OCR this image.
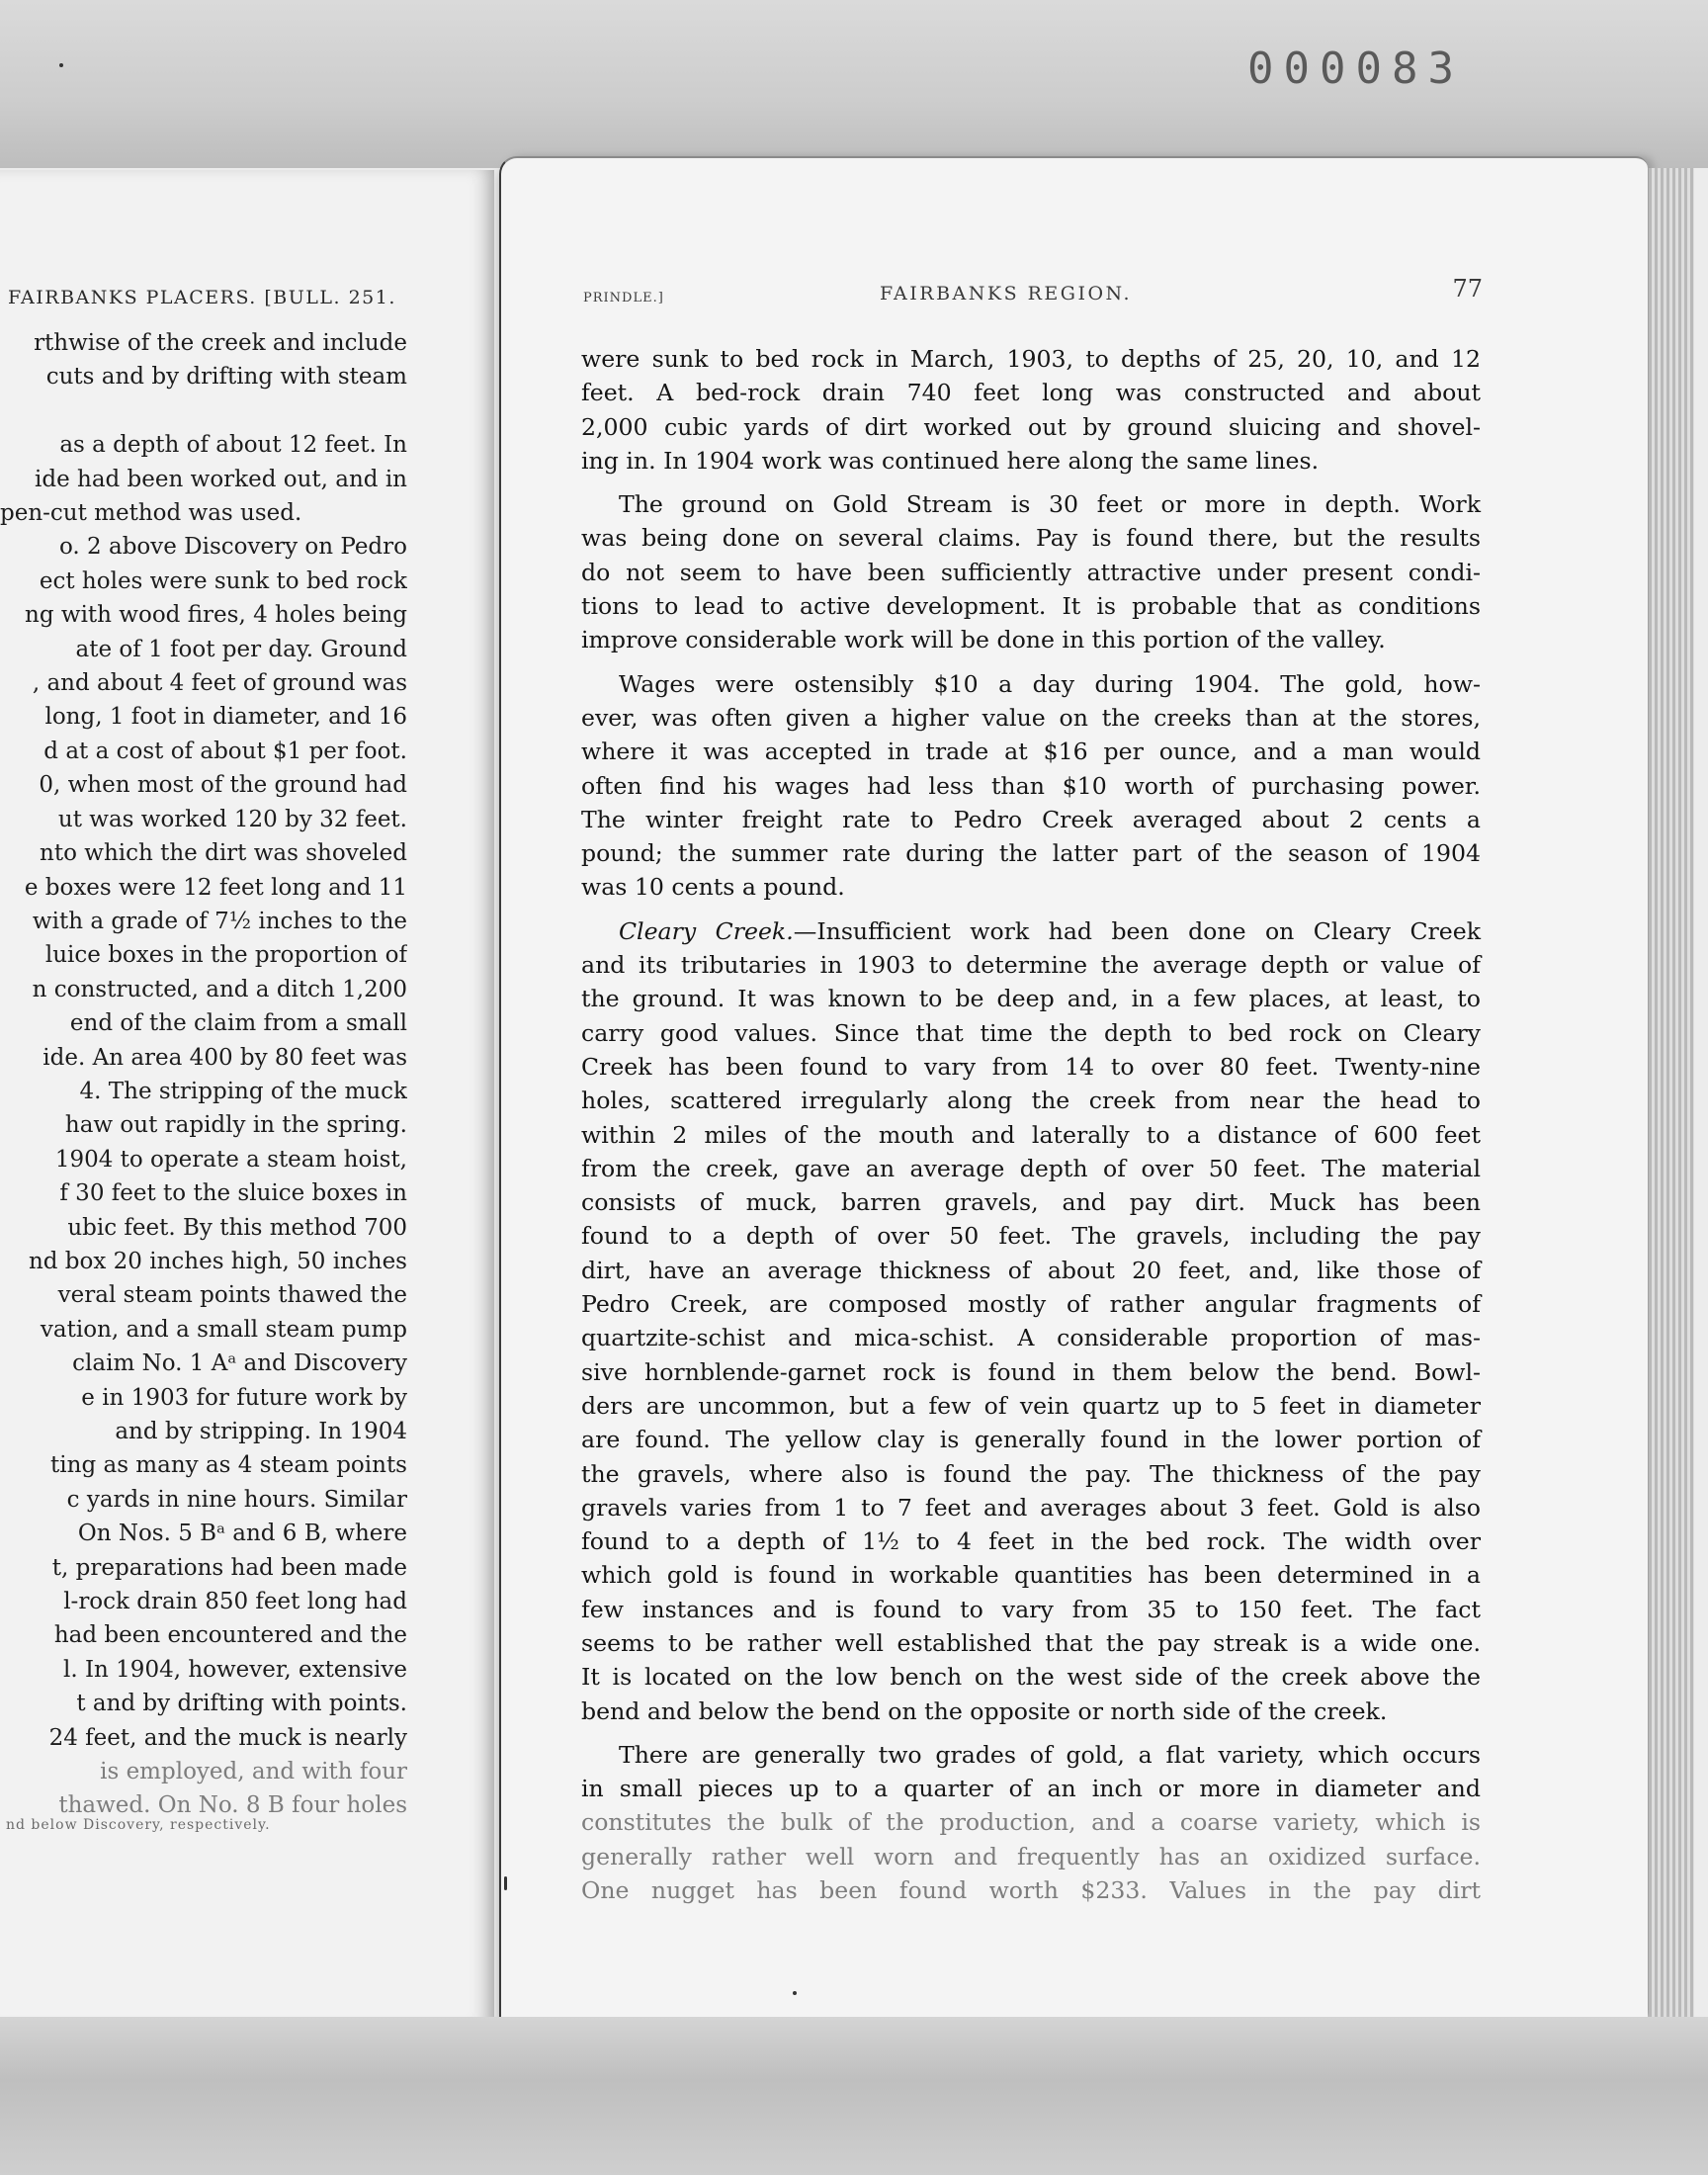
000083
FAIRBANKS PLACERS. [BULL. 251.
rthwise of the creek and include
cuts and by drifting with steam

as a depth of about 12 feet. In
ide had been worked out, and in
pen-cut method was used.
o. 2 above Discovery on Pedro
ect holes were sunk to bed rock
ng with wood fires, 4 holes being
ate of 1 foot per day. Ground
, and about 4 feet of ground was
long, 1 foot in diameter, and 16
d at a cost of about $1 per foot.
0, when most of the ground had
ut was worked 120 by 32 feet.
nto which the dirt was shoveled
e boxes were 12 feet long and 11
with a grade of 7½ inches to the
luice boxes in the proportion of
n constructed, and a ditch 1,200
end of the claim from a small
ide. An area 400 by 80 feet was
4. The stripping of the muck
haw out rapidly in the spring.
1904 to operate a steam hoist,
f 30 feet to the sluice boxes in
ubic feet. By this method 700
nd box 20 inches high, 50 inches
veral steam points thawed the
vation, and a small steam pump
claim No. 1 Aᵃ and Discovery
e in 1903 for future work by
and by stripping. In 1904
ting as many as 4 steam points
c yards in nine hours. Similar
On Nos. 5 Bᵃ and 6 B, where
t, preparations had been made
l-rock drain 850 feet long had
had been encountered and the
l. In 1904, however, extensive
t and by drifting with points.
24 feet, and the muck is nearly
is employed, and with four
thawed. On No. 8 B four holes
nd below Discovery, respectively.
PRINDLE.]	FAIRBANKS REGION.	77

were sunk to bed rock in March, 1903, to depths of 25, 20, 10, and 12

feet. A bed-rock drain 740 feet long was constructed and about

2,000 cubic yards of dirt worked out by ground sluicing and shovel-

ing in. In 1904 work was continued here along the same lines.

The ground on Gold Stream is 30 feet or more in depth. Work

was being done on several claims. Pay is found there, but the results

do not seem to have been sufficiently attractive under present condi-

tions to lead to active development. It is probable that as conditions

improve considerable work will be done in this portion of the valley.

Wages were ostensibly $10 a day during 1904. The gold, how-

ever, was often given a higher value on the creeks than at the stores,

where it was accepted in trade at $16 per ounce, and a man would

often find his wages had less than $10 worth of purchasing power.

The winter freight rate to Pedro Creek averaged about 2 cents a

pound; the summer rate during the latter part of the season of 1904

was 10 cents a pound.

Cleary Creek.—Insufficient work had been done on Cleary Creek

and its tributaries in 1903 to determine the average depth or value of

the ground. It was known to be deep and, in a few places, at least, to

carry good values. Since that time the depth to bed rock on Cleary

Creek has been found to vary from 14 to over 80 feet. Twenty-nine

holes, scattered irregularly along the creek from near the head to

within 2 miles of the mouth and laterally to a distance of 600 feet

from the creek, gave an average depth of over 50 feet. The material

consists of muck, barren gravels, and pay dirt. Muck has been

found to a depth of over 50 feet. The gravels, including the pay

dirt, have an average thickness of about 20 feet, and, like those of

Pedro Creek, are composed mostly of rather angular fragments of

quartzite-schist and mica-schist. A considerable proportion of mas-

sive hornblende-garnet rock is found in them below the bend. Bowl-

ders are uncommon, but a few of vein quartz up to 5 feet in diameter

are found. The yellow clay is generally found in the lower portion of

the gravels, where also is found the pay. The thickness of the pay

gravels varies from 1 to 7 feet and averages about 3 feet. Gold is also

found to a depth of 1½ to 4 feet in the bed rock. The width over

which gold is found in workable quantities has been determined in a

few instances and is found to vary from 35 to 150 feet. The fact

seems to be rather well established that the pay streak is a wide one.

It is located on the low bench on the west side of the creek above the

bend and below the bend on the opposite or north side of the creek.

There are generally two grades of gold, a flat variety, which occurs

in small pieces up to a quarter of an inch or more in diameter and

constitutes the bulk of the production, and a coarse variety, which is

generally rather well worn and frequently has an oxidized surface.

One nugget has been found worth $233. Values in the pay dirt
